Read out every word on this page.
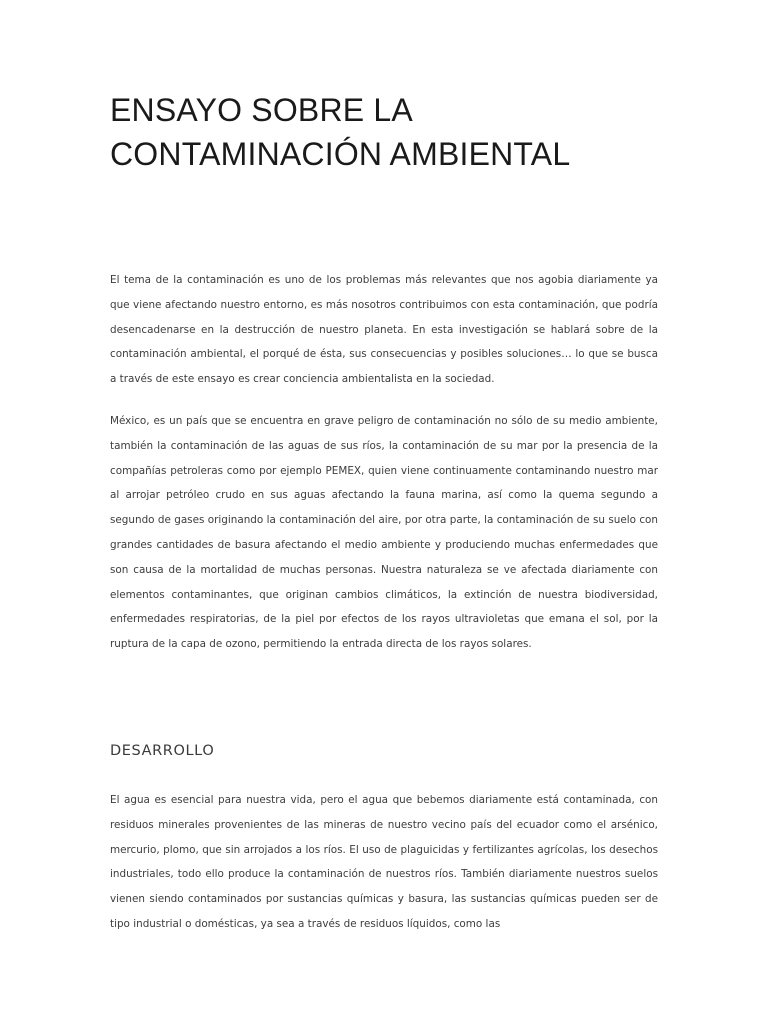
ENSAYO SOBRE LA
CONTAMINACIÓN AMBIENTAL

El tema de la contaminación es uno de los problemas más relevantes que nos agobia diariamente ya que viene afectando nuestro entorno, es más nosotros contribuimos con esta contaminación, que podría desencadenarse en la destrucción de nuestro planeta. En esta investigación se hablará sobre de la contaminación ambiental, el porqué de ésta, sus consecuencias y posibles soluciones… lo que se busca a través de este ensayo es crear conciencia ambientalista en la sociedad.

México, es un país que se encuentra en grave peligro de contaminación no sólo de su medio ambiente, también la contaminación de las aguas de sus ríos, la contaminación de su mar por la presencia de la compañías petroleras como por ejemplo PEMEX, quien viene continuamente contaminando nuestro mar al arrojar petróleo crudo en sus aguas afectando la fauna marina, así como la quema segundo a segundo de gases originando la contaminación del aire, por otra parte, la contaminación de su suelo con grandes cantidades de basura afectando el medio ambiente y produciendo muchas enfermedades que son causa de la mortalidad de muchas personas. Nuestra naturaleza se ve afectada diariamente con elementos contaminantes, que originan cambios climáticos, la extinción de nuestra biodiversidad, enfermedades respiratorias, de la piel por efectos de los rayos ultravioletas que emana el sol, por la ruptura de la capa de ozono, permitiendo la entrada directa de los rayos solares.

DESARROLLO

El agua es esencial para nuestra vida, pero el agua que bebemos diariamente está contaminada, con residuos minerales provenientes de las mineras de nuestro vecino país del ecuador como el arsénico, mercurio, plomo, que sin arrojados a los ríos. El uso de plaguicidas y fertilizantes agrícolas, los desechos industriales, todo ello produce la contaminación de nuestros ríos. También diariamente nuestros suelos vienen siendo contaminados por sustancias químicas y basura, las sustancias químicas pueden ser de tipo industrial o domésticas, ya sea a través de residuos líquidos, como las
